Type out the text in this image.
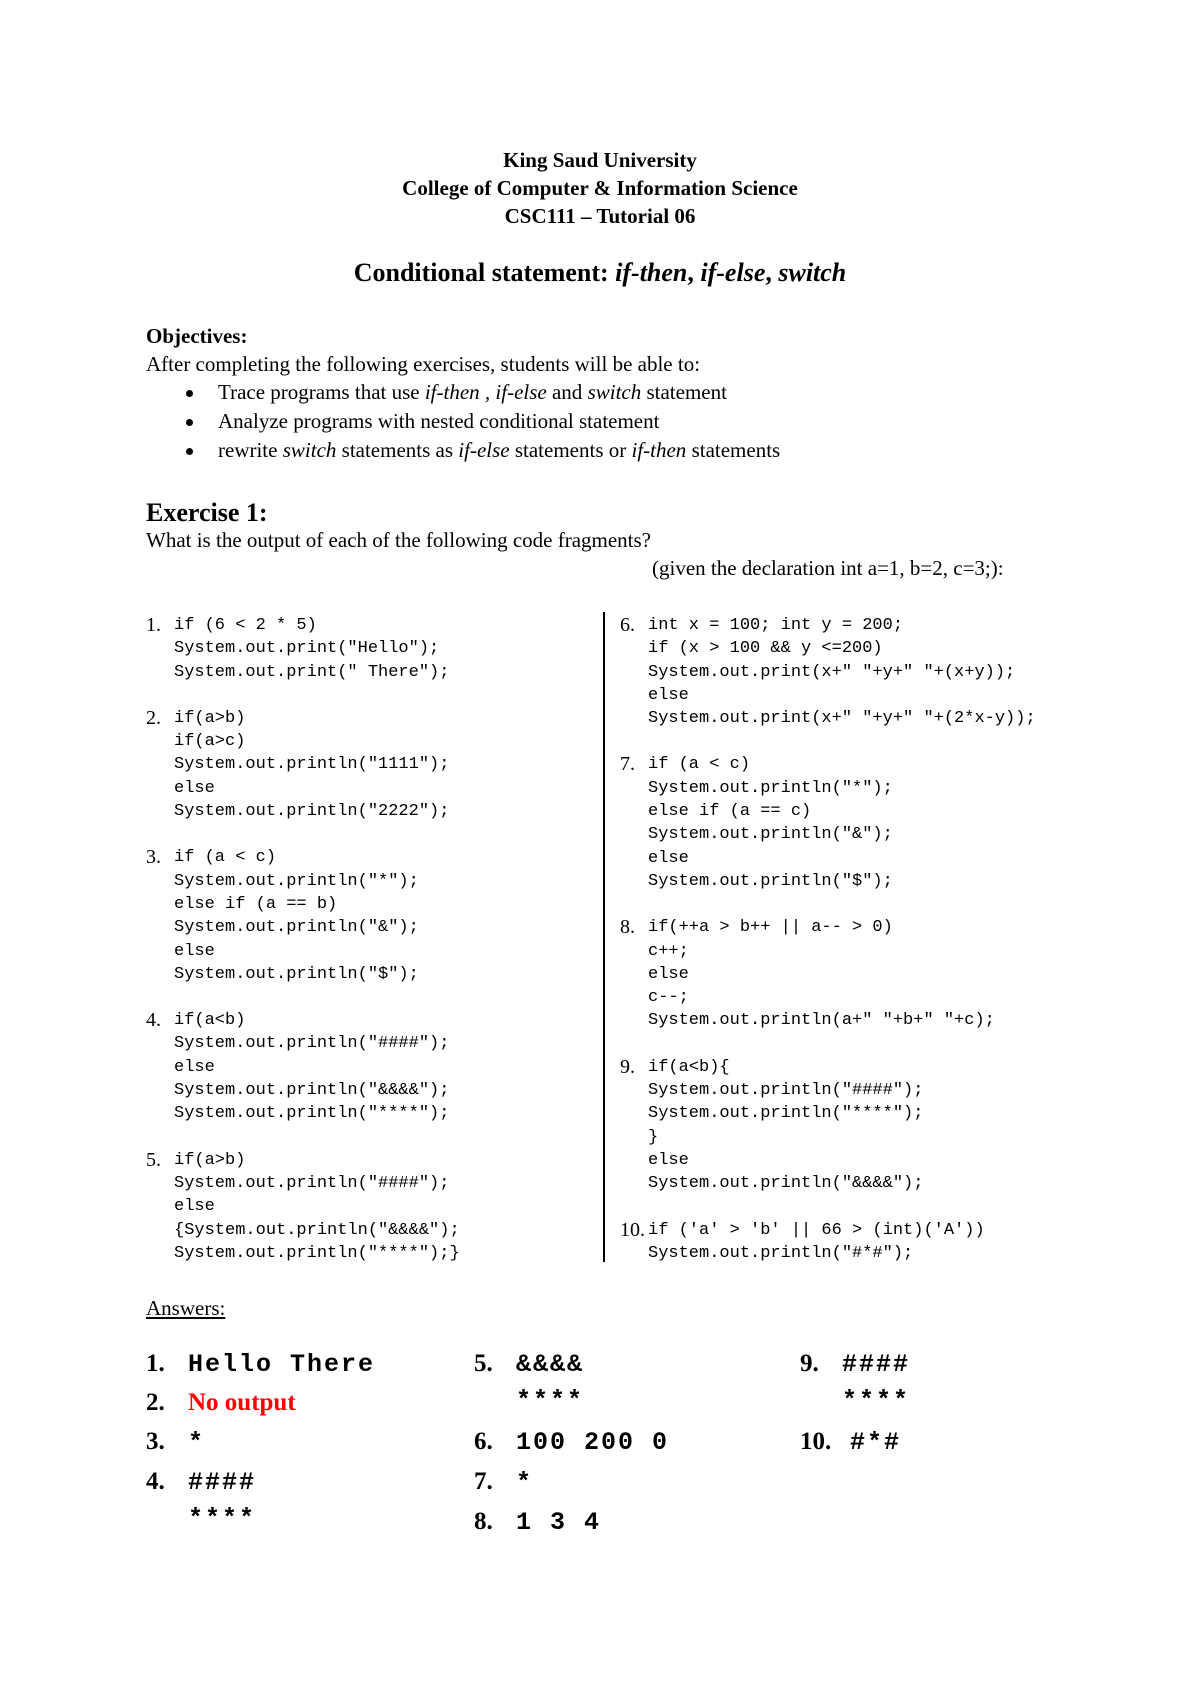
King Saud University
College of Computer & Information Science
CSC111 – Tutorial 06
Conditional statement: if-then, if-else, switch
Objectives:
After completing the following exercises, students will be able to:
Trace programs that use if-then , if-else and switch statement
Analyze programs with nested conditional statement
rewrite switch statements as if-else statements or if-then statements
Exercise 1:
What is the output of each of the following code fragments?
(given the declaration int a=1, b=2, c=3;):
1. if (6 < 2 * 5)
System.out.print("Hello");
System.out.print(" There");
2. if(a>b)
if(a>c)
System.out.println("1111");
else
System.out.println("2222");
3. if (a < c)
System.out.println("*");
else if (a == b)
System.out.println("&");
else
System.out.println("$");
4. if(a<b)
System.out.println("####");
else
System.out.println("&&&&");
System.out.println("****");
5. if(a>b)
System.out.println("####");
else
{System.out.println("&&&&");
System.out.println("****");}
6. int x = 100; int y = 200;
if (x > 100 && y <=200)
System.out.print(x+" "+y+" "+(x+y));
else
System.out.print(x+" "+y+" "+(2*x-y));
7. if (a < c)
System.out.println("*");
else if (a == c)
System.out.println("&");
else
System.out.println("$");
8. if(++a > b++ || a-- > 0)
c++;
else
c--;
System.out.println(a+" "+b+" "+c);
9. if(a<b){
System.out.println("####");
System.out.println("****");
}
else
System.out.println("&&&&");
10. if ('a' > 'b' || 66 > (int)('A'))
System.out.println("#*#");
Answers:
1. Hello There
2. No output
3. *
4. ####
****
5. &&&&
****
6. 100 200 0
7. *
8. 1 3 4
9. ####
****
10. #*#
